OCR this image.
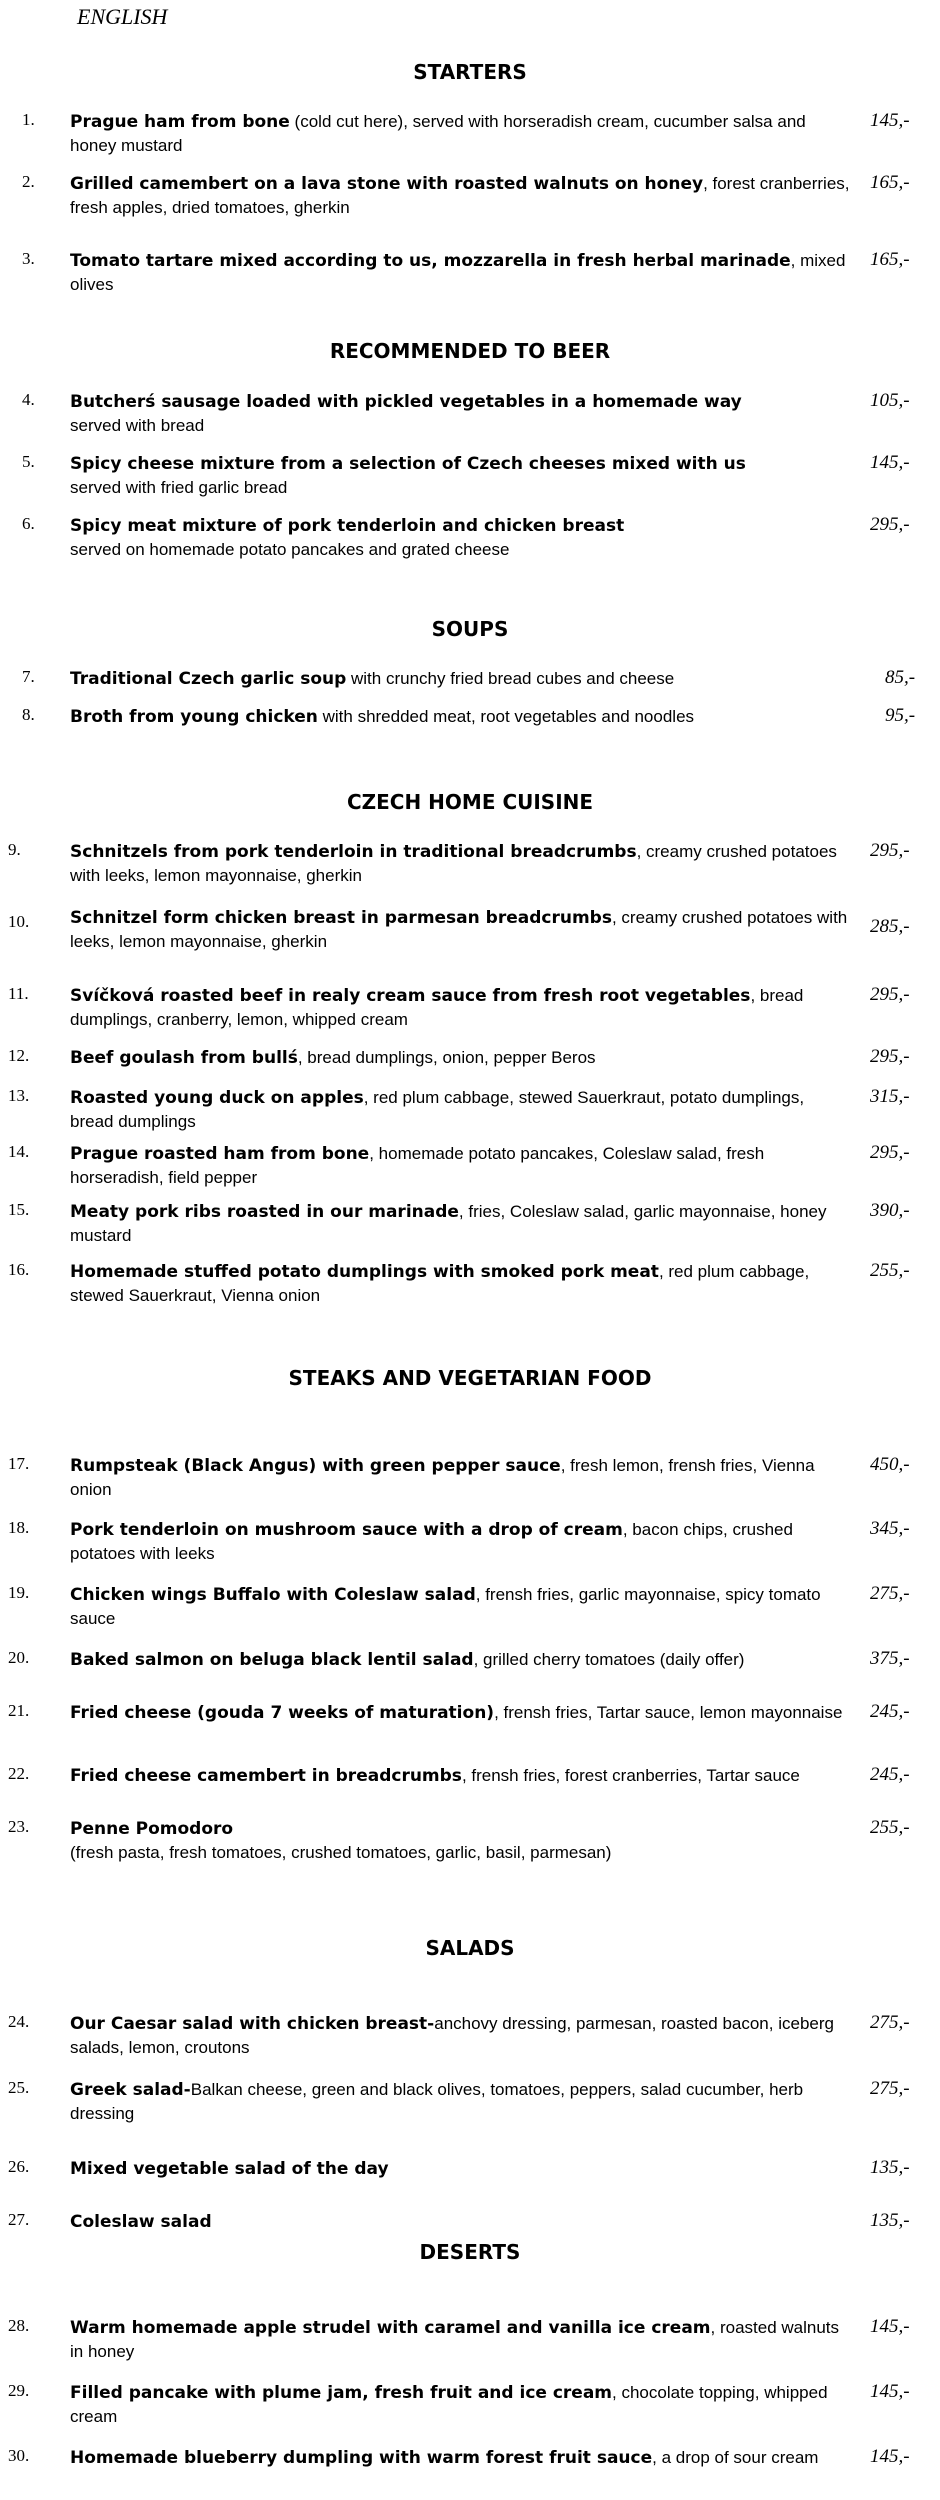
ENGLISH
STARTERS
1. Prague ham from bone (cold cut here), served with horseradish cream, cucumber salsa and honey mustard
145,-
2. Grilled camembert on a lava stone with roasted walnuts on honey, forest cranberries, fresh apples, dried tomatoes, gherkin
165,-
3. Tomato tartare mixed according to us, mozzarella in fresh herbal marinade, mixed olives
165,-
RECOMMENDED TO BEER
4. Butcherś sausage loaded with pickled vegetables in a homemade way
served with bread
105,-
5. Spicy cheese mixture from a selection of Czech cheeses mixed with us
served with fried garlic bread
145,-
6. Spicy meat mixture of pork tenderloin and chicken breast
served on homemade potato pancakes and grated cheese
295,-
SOUPS
7. Traditional Czech garlic soup with crunchy fried bread cubes and cheese	85,-
8. Broth from young chicken with shredded meat, root vegetables and noodles	95,-
CZECH HOME CUISINE
9.	Schnitzels from pork tenderloin in traditional breadcrumbs, creamy crushed potatoes with leeks, lemon mayonnaise, gherkin
295,-
10. Schnitzel form chicken breast in parmesan breadcrumbs, creamy crushed potatoes with leeks, lemon mayonnaise, gherkin
285,-
11. Svíčková roasted beef in realy cream sauce from fresh root vegetables, bread dumplings, cranberry, lemon, whipped cream
295,-
12. Beef goulash from bullś, bread dumplings, onion, pepper Beros	295,-
13. Roasted young duck on apples, red plum cabbage, stewed Sauerkraut, potato dumplings, bread dumplings
315,-
14. Prague roasted ham from bone, homemade potato pancakes, Coleslaw salad, fresh horseradish, field pepper
295,-
15. Meaty pork ribs roasted in our marinade, fries, Coleslaw salad, garlic mayonnaise, honey mustard
390,-
16. Homemade stuffed potato dumplings with smoked pork meat, red plum cabbage, stewed Sauerkraut, Vienna onion
255,-
STEAKS AND VEGETARIAN FOOD
17. Rumpsteak (Black Angus) with green pepper sauce, fresh lemon, frensh fries, Vienna onion
450,-
18. Pork tenderloin on mushroom sauce with a drop of cream, bacon chips, crushed potatoes with leeks
345,-
19. Chicken wings Buffalo with Coleslaw salad, frensh fries, garlic mayonnaise, spicy tomato sauce
275,-
20. Baked salmon on beluga black lentil salad, grilled cherry tomatoes (daily offer)	375,-
21. Fried cheese (gouda 7 weeks of maturation), frensh fries, Tartar sauce, lemon mayonnaise	245,-
22. Fried cheese camembert in breadcrumbs, frensh fries, forest cranberries, Tartar sauce	245,-
23. Penne Pomodoro
(fresh pasta, fresh tomatoes, crushed tomatoes, garlic, basil, parmesan)
255,-
SALADS
24. Our Caesar salad with chicken breast-anchovy dressing, parmesan, roasted bacon, iceberg salads, lemon, croutons
275,-
25. Greek salad-Balkan cheese, green and black olives, tomatoes, peppers, salad cucumber, herb dressing
275,-
26. Mixed vegetable salad of the day	135,-
27. Coleslaw salad	135,-
DESERTS
28. Warm homemade apple strudel with caramel and vanilla ice cream, roasted walnuts in honey
145,-
29. Filled pancake with plume jam, fresh fruit and ice cream, chocolate topping, whipped cream
145,-
30. Homemade blueberry dumpling with warm forest fruit sauce, a drop of sour cream	145,-
